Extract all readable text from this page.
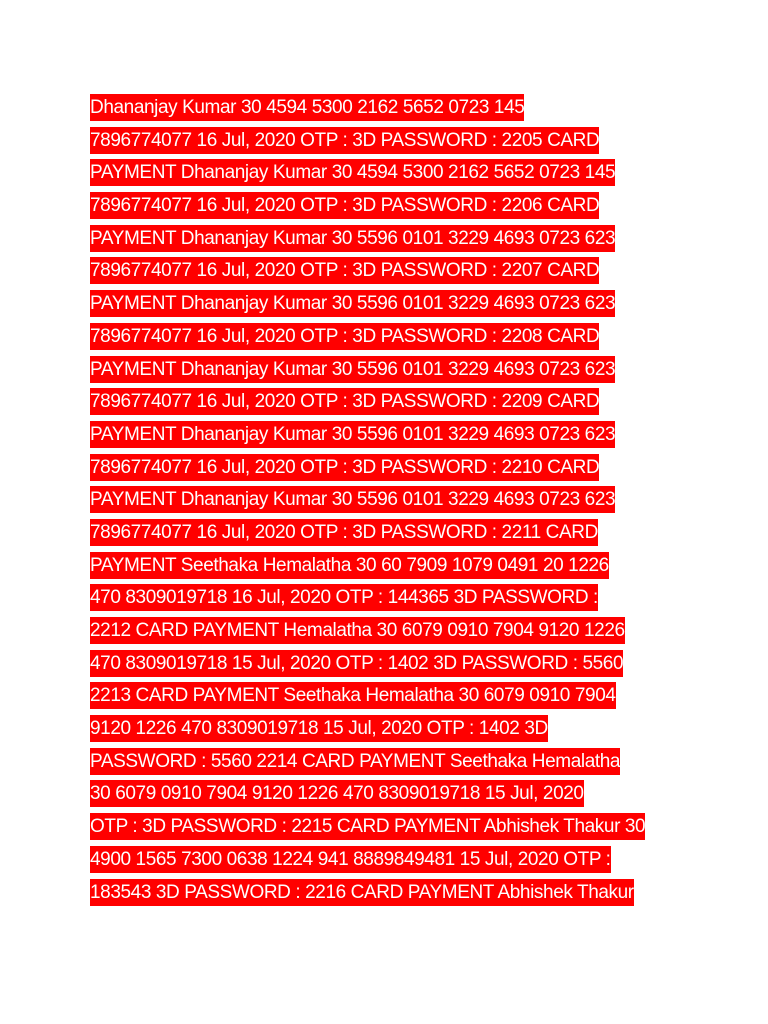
Dhananjay Kumar 30 4594 5300 2162 5652 0723 145
7896774077 16 Jul, 2020 OTP : 3D PASSWORD : 2205 CARD
PAYMENT Dhananjay Kumar 30 4594 5300 2162 5652 0723 145
7896774077 16 Jul, 2020 OTP : 3D PASSWORD : 2206 CARD
PAYMENT Dhananjay Kumar 30 5596 0101 3229 4693 0723 623
7896774077 16 Jul, 2020 OTP : 3D PASSWORD : 2207 CARD
PAYMENT Dhananjay Kumar 30 5596 0101 3229 4693 0723 623
7896774077 16 Jul, 2020 OTP : 3D PASSWORD : 2208 CARD
PAYMENT Dhananjay Kumar 30 5596 0101 3229 4693 0723 623
7896774077 16 Jul, 2020 OTP : 3D PASSWORD : 2209 CARD
PAYMENT Dhananjay Kumar 30 5596 0101 3229 4693 0723 623
7896774077 16 Jul, 2020 OTP : 3D PASSWORD : 2210 CARD
PAYMENT Dhananjay Kumar 30 5596 0101 3229 4693 0723 623
7896774077 16 Jul, 2020 OTP : 3D PASSWORD : 2211 CARD
PAYMENT Seethaka Hemalatha 30 60 7909 1079 0491 20 1226
470 8309019718 16 Jul, 2020 OTP : 144365 3D PASSWORD :
2212 CARD PAYMENT Hemalatha 30 6079 0910 7904 9120 1226
470 8309019718 15 Jul, 2020 OTP : 1402 3D PASSWORD : 5560
2213 CARD PAYMENT Seethaka Hemalatha 30 6079 0910 7904
9120 1226 470 8309019718 15 Jul, 2020 OTP : 1402 3D
PASSWORD : 5560 2214 CARD PAYMENT Seethaka Hemalatha
30 6079 0910 7904 9120 1226 470 8309019718 15 Jul, 2020
OTP : 3D PASSWORD : 2215 CARD PAYMENT Abhishek Thakur 30
4900 1565 7300 0638 1224 941 8889849481 15 Jul, 2020 OTP :
183543 3D PASSWORD : 2216 CARD PAYMENT Abhishek Thakur
